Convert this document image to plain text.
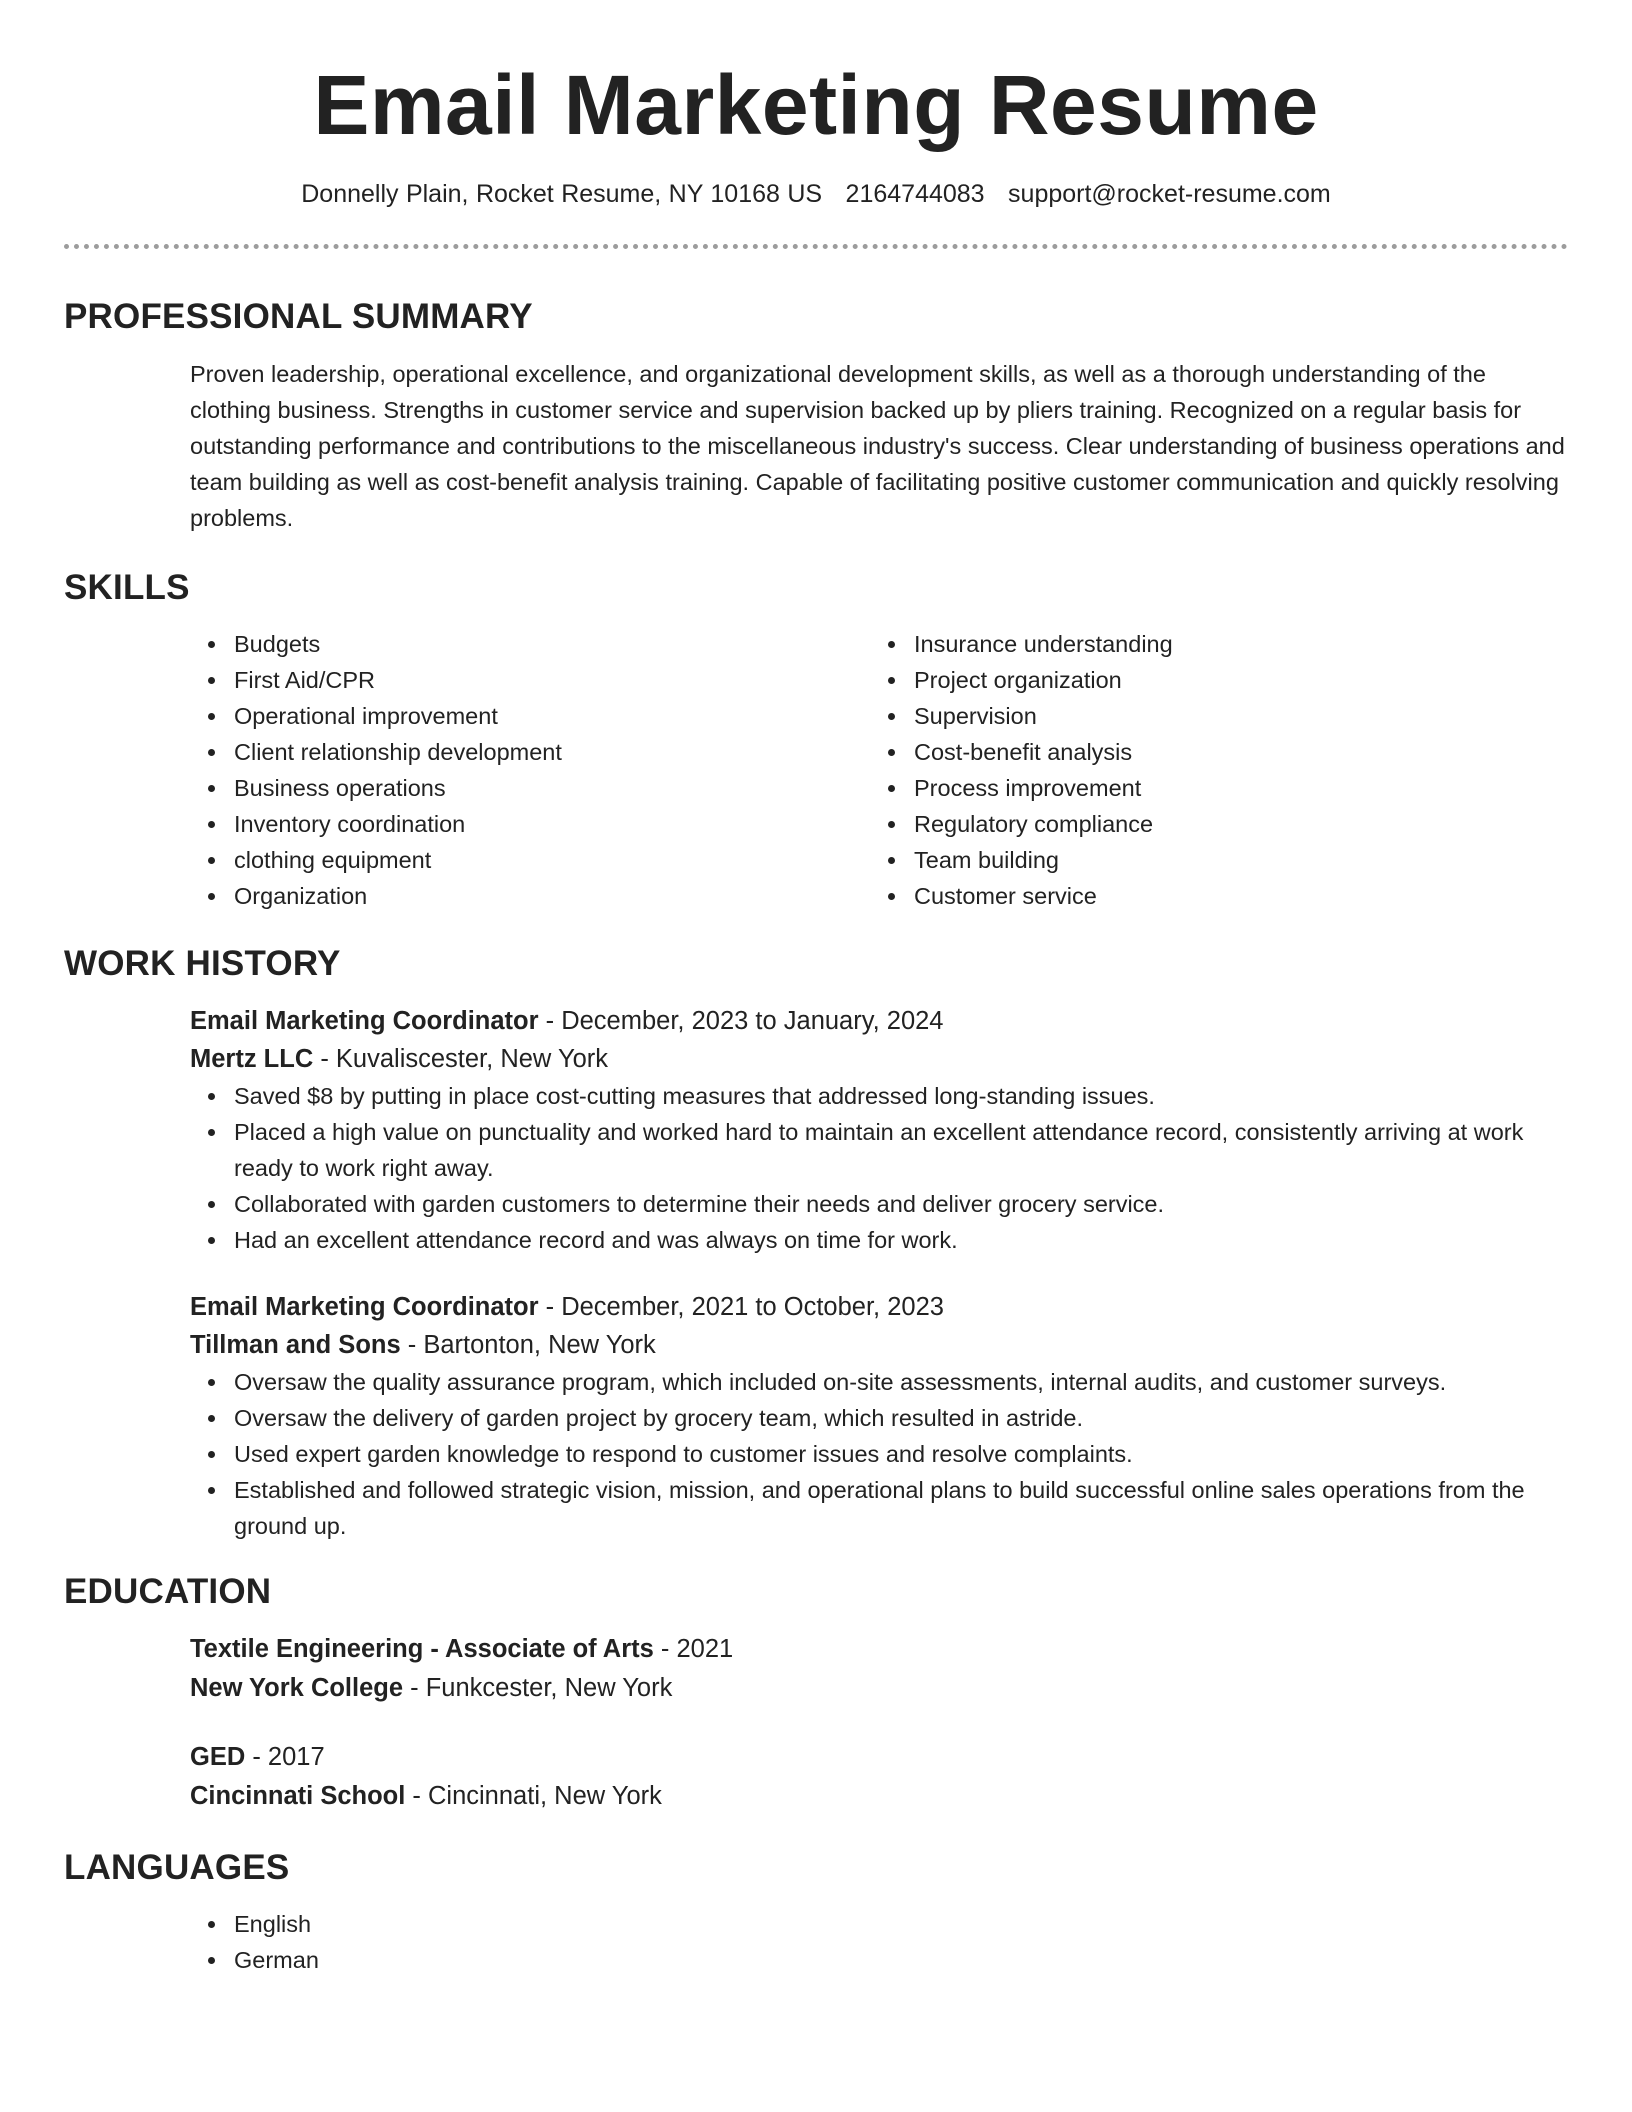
Email Marketing Resume
Donnelly Plain, Rocket Resume, NY 10168 US 2164744083 support@rocket-resume.com
PROFESSIONAL SUMMARY

Proven leadership, operational excellence, and organizational development skills, as well as a thorough understanding of the clothing business. Strengths in customer service and supervision backed up by pliers training. Recognized on a regular basis for outstanding performance and contributions to the miscellaneous industry's success. Clear understanding of business operations and team building as well as cost-benefit analysis training. Capable of facilitating positive customer communication and quickly resolving problems.

SKILLS
Budgets
First Aid/CPR
Operational improvement
Client relationship development
Business operations
Inventory coordination
clothing equipment
Organization
Insurance understanding
Project organization
Supervision
Cost-benefit analysis
Process improvement
Regulatory compliance
Team building
Customer service
WORK HISTORY
Email Marketing Coordinator - December, 2023 to January, 2024
Mertz LLC - Kuvaliscester, New York
Saved $8 by putting in place cost-cutting measures that addressed long-standing issues.
Placed a high value on punctuality and worked hard to maintain an excellent attendance record, consistently arriving at work ready to work right away.
Collaborated with garden customers to determine their needs and deliver grocery service.
Had an excellent attendance record and was always on time for work.
Email Marketing Coordinator - December, 2021 to October, 2023
Tillman and Sons - Bartonton, New York
Oversaw the quality assurance program, which included on-site assessments, internal audits, and customer surveys.
Oversaw the delivery of garden project by grocery team, which resulted in astride.
Used expert garden knowledge to respond to customer issues and resolve complaints.
Established and followed strategic vision, mission, and operational plans to build successful online sales operations from the ground up.
EDUCATION
Textile Engineering - Associate of Arts - 2021
New York College - Funkcester, New York
GED - 2017
Cincinnati School - Cincinnati, New York
LANGUAGES
English
German
